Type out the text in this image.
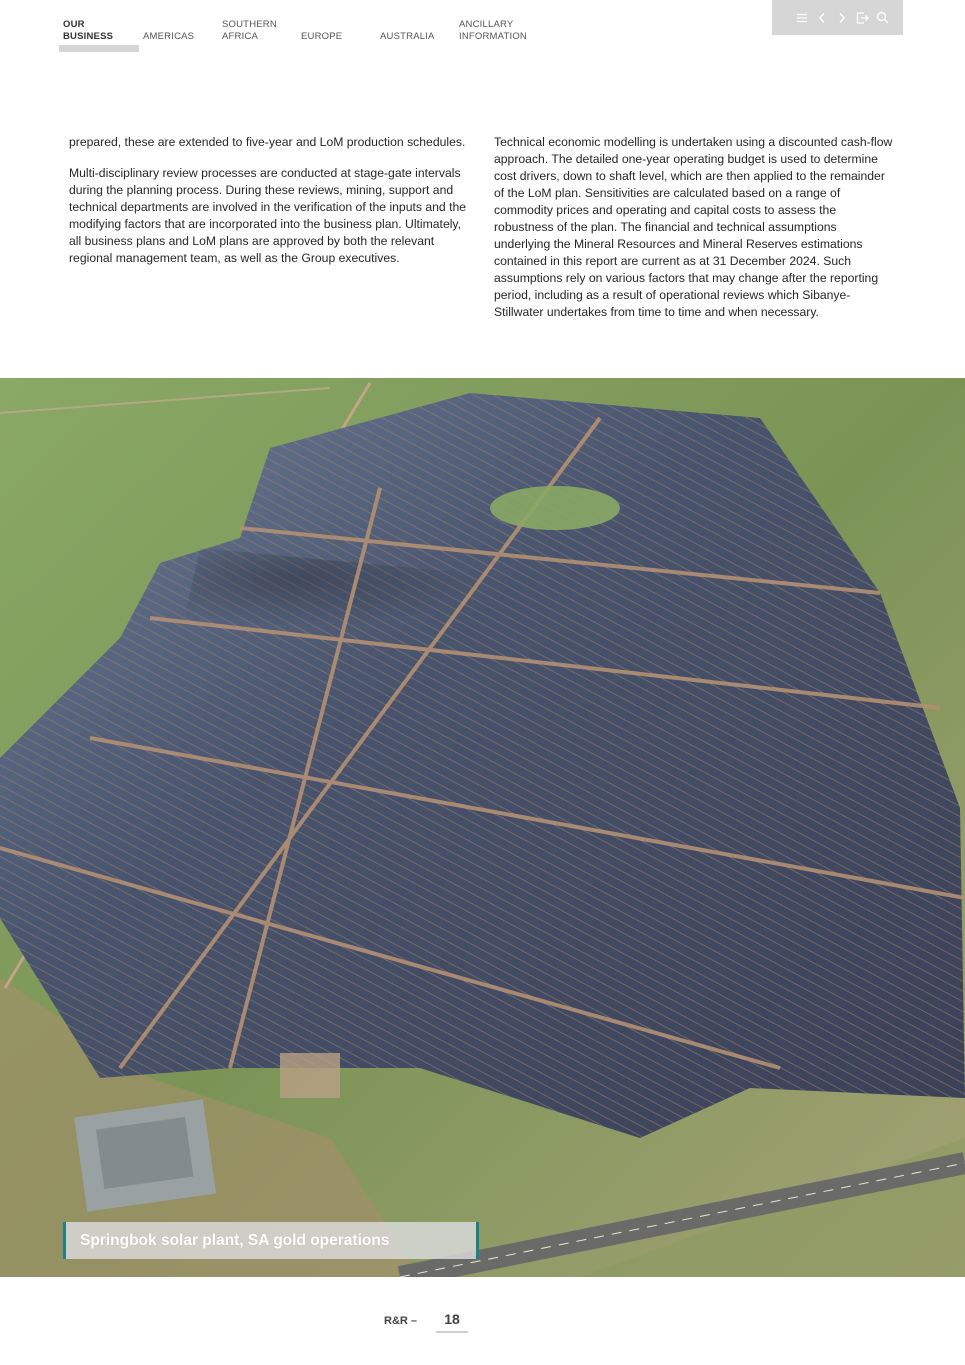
OUR
BUSINESS
	AMERICAS
SOUTHERN
AFRICA
	EUROPE
	AUSTRALIA
ANCILLARY
INFORMATION

prepared, these are extended to five-year and LoM production schedules.

Multi-disciplinary review processes are conducted at stage-gate intervals during the planning process. During these reviews, mining, support and technical departments are involved in the verification of the inputs and the modifying factors that are incorporated into the business plan. Ultimately, all business plans and LoM plans are approved by both the relevant regional management team, as well as the Group executives.

Technical economic modelling is undertaken using a discounted cash-flow approach. The detailed one-year operating budget is used to determine cost drivers, down to shaft level, which are then applied to the remainder of the LoM plan. Sensitivities are calculated based on a range of commodity prices and operating and capital costs to assess the robustness of the plan. The financial and technical assumptions underlying the Mineral Resources and Mineral Reserves estimations contained in this report are current as at 31 December 2024. Such assumptions rely on various factors that may change after the reporting period, including as a result of operational reviews which Sibanye-Stillwater undertakes from time to time and when necessary.

Springbok solar plant, SA gold operations
R&R –	18
